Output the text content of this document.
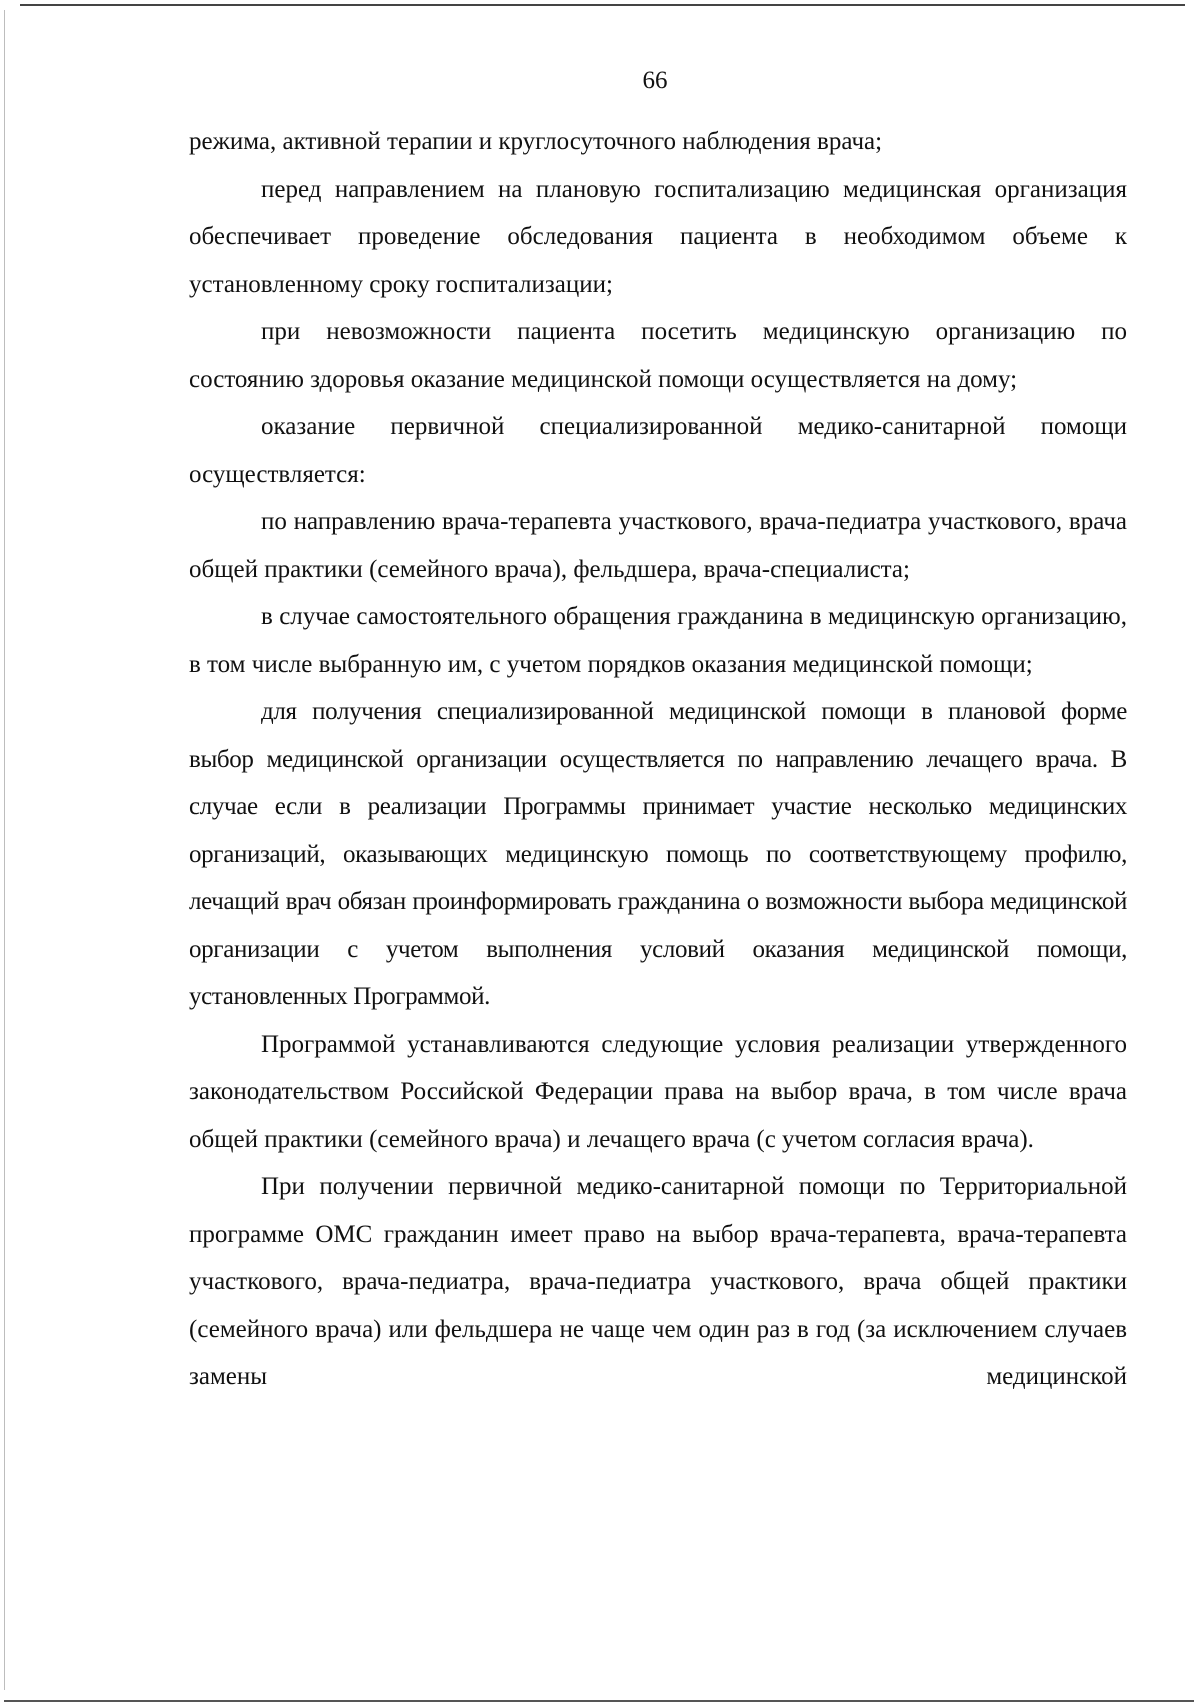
66

режима, активной терапии и круглосуточного наблюдения врача;

перед направлением на плановую госпитализацию медицинская организация обеспечивает проведение обследования пациента в необходимом объеме к установленному сроку госпитализации;

при невозможности пациента посетить медицинскую организацию по состоянию здоровья оказание медицинской помощи осуществляется на дому;

оказание первичной специализированной медико-санитарной помощи осуществляется:

по направлению врача-терапевта участкового, врача-педиатра участкового, врача общей практики (семейного врача), фельдшера, врача-специалиста;

в случае самостоятельного обращения гражданина в медицинскую организацию, в том числе выбранную им, с учетом порядков оказания медицинской помощи;

для получения специализированной медицинской помощи в плановой форме выбор медицинской организации осуществляется по направлению лечащего врача. В случае если в реализации Программы принимает участие несколько медицинских организаций, оказывающих медицинскую помощь по соответствующему профилю, лечащий врач обязан проинформировать гражданина о возможности выбора медицинской организации с учетом выполнения условий оказания медицинской помощи, установленных Программой.

Программой устанавливаются следующие условия реализации утвержденного законодательством Российской Федерации права на выбор врача, в том числе врача общей практики (семейного врача) и лечащего врача (с учетом согласия врача).

При получении первичной медико-санитарной помощи по Территориальной программе ОМС гражданин имеет право на выбор врача-терапевта, врача-терапевта участкового, врача-педиатра, врача-педиатра участкового, врача общей практики (семейного врача) или фельдшера не чаще чем один раз в год (за исключением случаев замены медицинской
